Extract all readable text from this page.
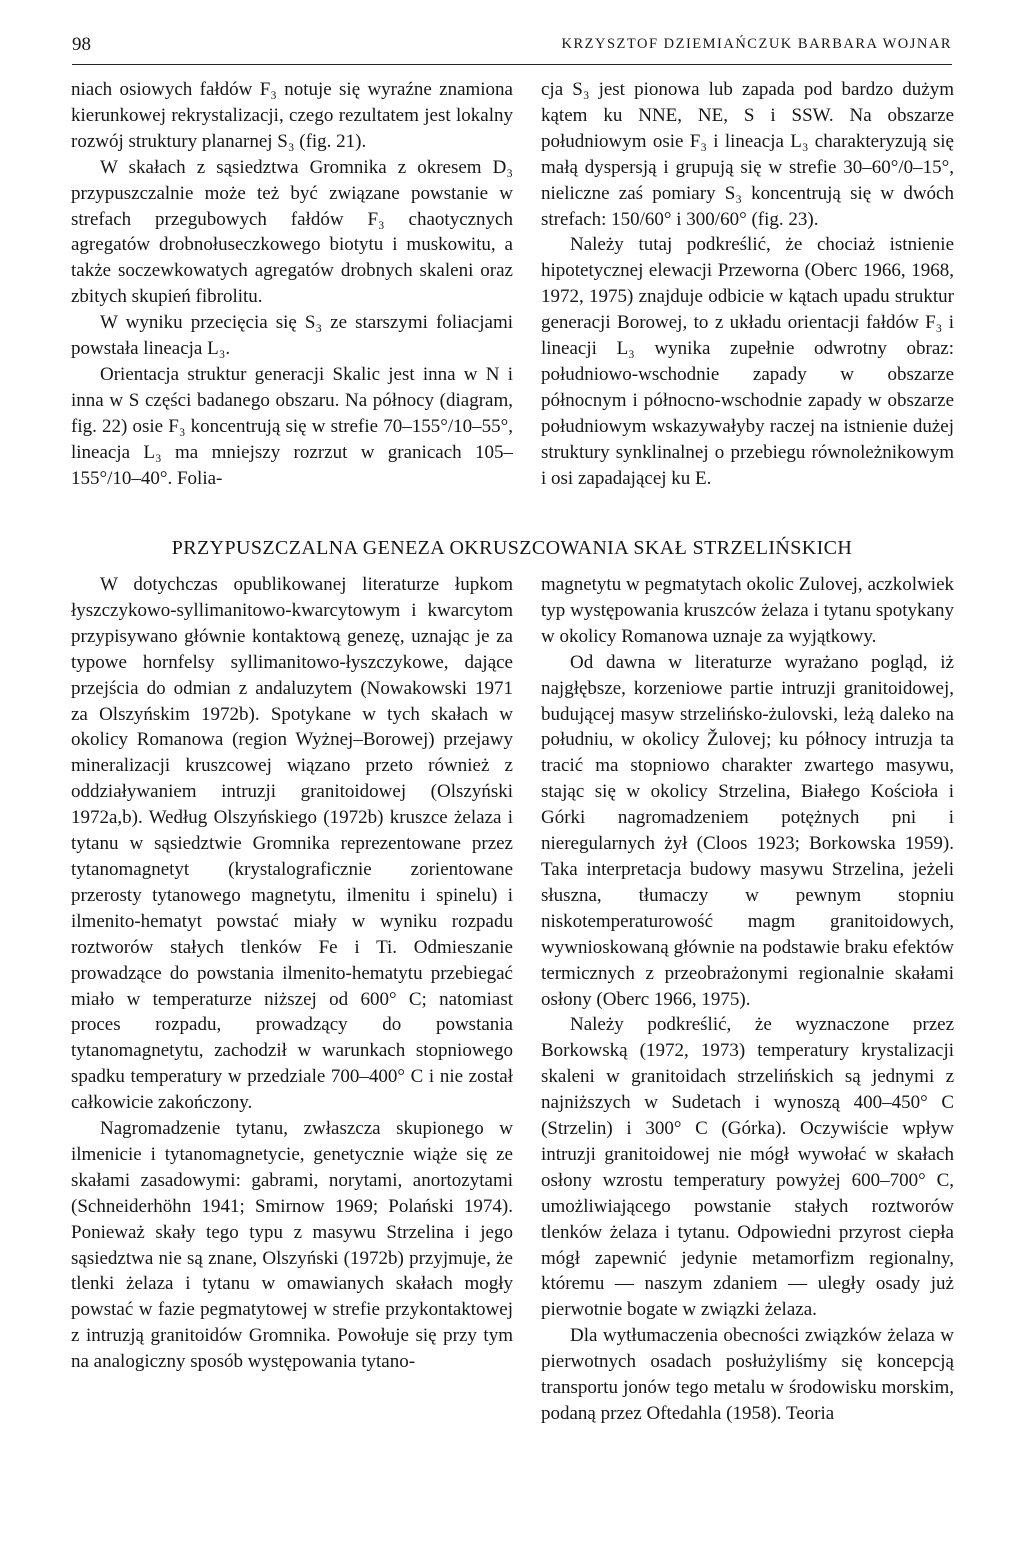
98	KRZYSZTOF DZIEMIAŃCZUK BARBARA WOJNAR

niach osiowych fałdów F₃ notuje się wyraźne znamiona kierunkowej rekrystalizacji, czego rezultatem jest lokalny rozwój struktury planarnej S₃ (fig. 21).

W skałach z sąsiedztwa Gromnika z okresem D₃ przypuszczalnie może też być związane powstanie w strefach przegubowych fałdów F₃ chaotycznych agregatów drobnołuseczkowego biotytu i muskowitu, a także soczewkowatych agregatów drobnych skaleni oraz zbitych skupień fibrolitu.

W wyniku przecięcia się S₃ ze starszymi foliacjami powstała lineacja L₃.

Orientacja struktur generacji Skalic jest inna w N i inna w S części badanego obszaru. Na północy (diagram, fig. 22) osie F₃ koncentrują się w strefie 70–155°/10–55°, lineacja L₃ ma mniejszy rozrzut w granicach 105–155°/10–40°. Folia-

cja S₃ jest pionowa lub zapada pod bardzo dużym kątem ku NNE, NE, S i SSW. Na obszarze południowym osie F₃ i lineacja L₃ charakteryzują się małą dyspersją i grupują się w strefie 30–60°/0–15°, nieliczne zaś pomiary S₃ koncentrują się w dwóch strefach: 150/60° i 300/60° (fig. 23).

Należy tutaj podkreślić, że chociaż istnienie hipotetycznej elewacji Przeworna (Oberc 1966, 1968, 1972, 1975) znajduje odbicie w kątach upadu struktur generacji Borowej, to z układu orientacji fałdów F₃ i lineacji L₃ wynika zupełnie odwrotny obraz: południowo-wschodnie zapady w obszarze północnym i północno-wschodnie zapady w obszarze południowym wskazywałyby raczej na istnienie dużej struktury synklinalnej o przebiegu równoleżnikowym i osi zapadającej ku E.

PRZYPUSZCZALNA GENEZA OKRUSZCOWANIA SKAŁ STRZELIŃSKICH

W dotychczas opublikowanej literaturze łupkom łyszczykowo-syllimanitowo-kwarcytowym i kwarcytom przypisywano głównie kontaktową genezę, uznając je za typowe hornfelsy syllimanitowo-łyszczykowe, dające przejścia do odmian z andaluzytem (Nowakowski 1971 za Olszyńskim 1972b). Spotykane w tych skałach w okolicy Romanowa (region Wyżnej–Borowej) przejawy mineralizacji kruszcowej wiązano przeto również z oddziaływaniem intruzji granitoidowej (Olszyński 1972a,b). Według Olszyńskiego (1972b) kruszce żelaza i tytanu w sąsiedztwie Gromnika reprezentowane przez tytanomagnetyt (krystalograficznie zorientowane przerosty tytanowego magnetytu, ilmenitu i spinelu) i ilmenito-hematyt powstać miały w wyniku rozpadu roztworów stałych tlenków Fe i Ti. Odmieszanie prowadzące do powstania ilmenito-hematytu przebiegać miało w temperaturze niższej od 600° C; natomiast proces rozpadu, prowadzący do powstania tytanomagnetytu, zachodził w warunkach stopniowego spadku temperatury w przedziale 700–400° C i nie został całkowicie zakończony.

Nagromadzenie tytanu, zwłaszcza skupionego w ilmenicie i tytanomagnetycie, genetycznie wiąże się ze skałami zasadowymi: gabrami, norytami, anortozytami (Schneiderhöhn 1941; Smirnow 1969; Polański 1974). Ponieważ skały tego typu z masywu Strzelina i jego sąsiedztwa nie są znane, Olszyński (1972b) przyjmuje, że tlenki żelaza i tytanu w omawianych skałach mogły powstać w fazie pegmatytowej w strefie przykontaktowej z intruzją granitoidów Gromnika. Powołuje się przy tym na analogiczny sposób występowania tytano-

magnetytu w pegmatytach okolic Zulovej, aczkolwiek typ występowania kruszców żelaza i tytanu spotykany w okolicy Romanowa uznaje za wyjątkowy.

Od dawna w literaturze wyrażano pogląd, iż najgłębsze, korzeniowe partie intruzji granitoidowej, budującej masyw strzelińsko-żulovski, leżą daleko na południu, w okolicy Žulovej; ku północy intruzja ta tracić ma stopniowo charakter zwartego masywu, stając się w okolicy Strzelina, Białego Kościoła i Górki nagromadzeniem potężnych pni i nieregularnych żył (Cloos 1923; Borkowska 1959). Taka interpretacja budowy masywu Strzelina, jeżeli słuszna, tłumaczy w pewnym stopniu niskotemperaturowość magm granitoidowych, wywnioskowaną głównie na podstawie braku efektów termicznych z przeobrażonymi regionalnie skałami osłony (Oberc 1966, 1975).

Należy podkreślić, że wyznaczone przez Borkowską (1972, 1973) temperatury krystalizacji skaleni w granitoidach strzelińskich są jednymi z najniższych w Sudetach i wynoszą 400–450° C (Strzelin) i 300° C (Górka). Oczywiście wpływ intruzji granitoidowej nie mógł wywołać w skałach osłony wzrostu temperatury powyżej 600–700° C, umożliwiającego powstanie stałych roztworów tlenków żelaza i tytanu. Odpowiedni przyrost ciepła mógł zapewnić jedynie metamorfizm regionalny, któremu — naszym zdaniem — uległy osady już pierwotnie bogate w związki żelaza.

Dla wytłumaczenia obecności związków żelaza w pierwotnych osadach posłużyliśmy się koncepcją transportu jonów tego metalu w środowisku morskim, podaną przez Oftedahla (1958). Teoria
